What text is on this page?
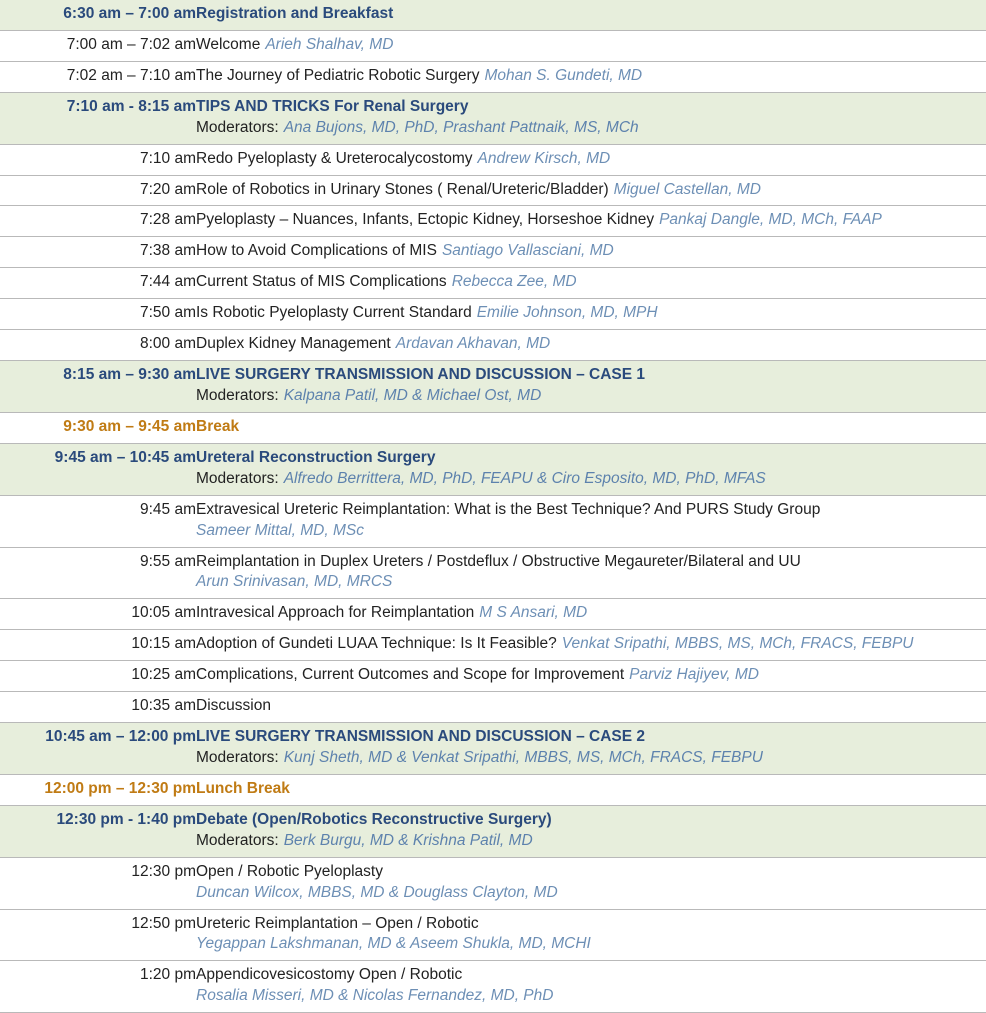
6:30 am – 7:00 am	Registration and Breakfast
7:00 am – 7:02 am	Welcome Arieh Shalhav, MD
7:02 am – 7:10 am	The Journey of Pediatric Robotic Surgery Mohan S. Gundeti, MD
7:10 am - 8:15 am	TIPS AND TRICKS For Renal Surgery
Moderators: Ana Bujons, MD, PhD, Prashant Pattnaik, MS, MCh

7:10 am	Redo Pyeloplasty & Ureterocalycostomy Andrew Kirsch, MD
7:20 am	Role of Robotics in Urinary Stones ( Renal/Ureteric/Bladder) Miguel Castellan, MD
7:28 am	Pyeloplasty – Nuances, Infants, Ectopic Kidney, Horseshoe Kidney Pankaj Dangle, MD, MCh, FAAP
7:38 am	How to Avoid Complications of MIS Santiago Vallasciani, MD
7:44 am	Current Status of MIS Complications Rebecca Zee, MD
7:50 am	Is Robotic Pyeloplasty Current Standard Emilie Johnson, MD, MPH
8:00 am	Duplex Kidney Management Ardavan Akhavan, MD
8:15 am – 9:30 am	LIVE SURGERY TRANSMISSION AND DISCUSSION – CASE 1
Moderators: Kalpana Patil, MD & Michael Ost, MD

9:30 am – 9:45 am	Break
9:45 am – 10:45 am	Ureteral Reconstruction Surgery
Moderators: Alfredo Berrittera, MD, PhD, FEAPU & Ciro Esposito, MD, PhD, MFAS

9:45 am	Extravesical Ureteric Reimplantation: What is the Best Technique? And PURS Study Group
Sameer Mittal, MD, MSc

9:55 am	Reimplantation in Duplex Ureters / Postdeflux / Obstructive Megaureter/Bilateral and UU
Arun Srinivasan, MD, MRCS

10:05 am	Intravesical Approach for Reimplantation M S Ansari, MD
10:15 am	Adoption of Gundeti LUAA Technique: Is It Feasible? Venkat Sripathi, MBBS, MS, MCh, FRACS, FEBPU
10:25 am	Complications, Current Outcomes and Scope for Improvement Parviz Hajiyev, MD
10:35 am	Discussion
10:45 am – 12:00 pm	LIVE SURGERY TRANSMISSION AND DISCUSSION – CASE 2
Moderators: Kunj Sheth, MD & Venkat Sripathi, MBBS, MS, MCh, FRACS, FEBPU

12:00 pm – 12:30 pm	Lunch Break
12:30 pm - 1:40 pm	Debate (Open/Robotics Reconstructive Surgery)
Moderators: Berk Burgu, MD & Krishna Patil, MD

12:30 pm	Open / Robotic Pyeloplasty
Duncan Wilcox, MBBS, MD & Douglass Clayton, MD

12:50 pm	Ureteric Reimplantation – Open / Robotic
Yegappan Lakshmanan, MD & Aseem Shukla, MD, MCHI

1:20 pm	Appendicovesicostomy Open / Robotic
Rosalia Misseri, MD & Nicolas Fernandez, MD, PhD
